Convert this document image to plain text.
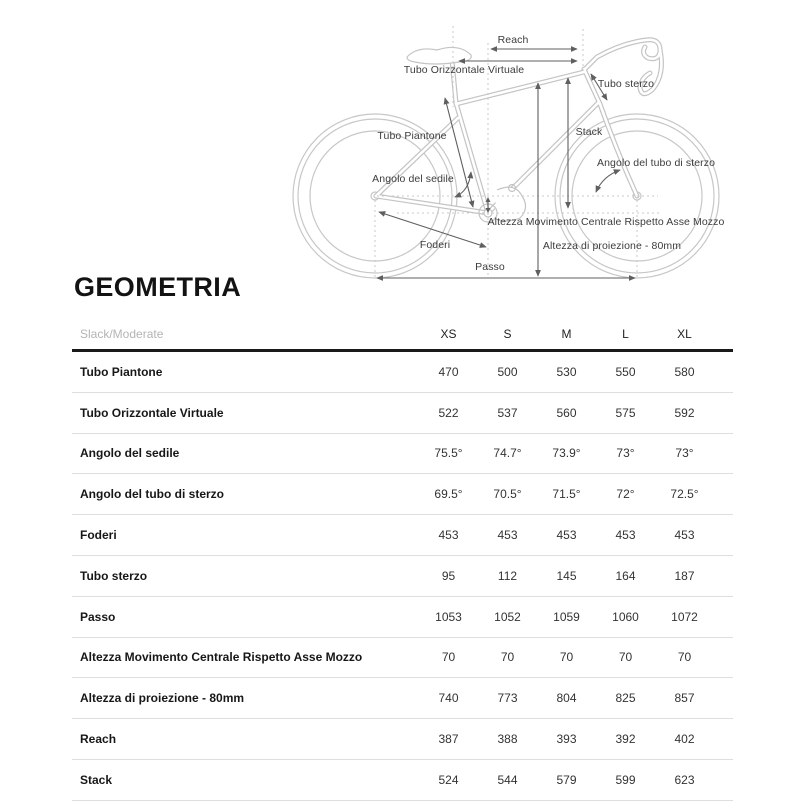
Reach
Tubo Orizzontale Virtuale
Tubo sterzo
Tubo Piantone	Stack
Angolo del sedile
Angolo del tubo di sterzo
Altezza Movimento Centrale Rispetto Asse Mozzo
Altezza di proiezione - 80mm
Foderi
Passo
GEOMETRIA
Slack/Moderate	XS	S	M	L	XL
Tubo Piantone	470	500	530	550	580
Tubo Orizzontale Virtuale	522	537	560	575	592
Angolo del sedile	75.5°	74.7°	73.9°	73°	73°
Angolo del tubo di sterzo	69.5°	70.5°	71.5°	72°	72.5°
Foderi	453	453	453	453	453
Tubo sterzo	95	112	145	164	187
Passo	1053	1052	1059	1060	1072
Altezza Movimento Centrale Rispetto Asse Mozzo	70	70	70	70	70
Altezza di proiezione - 80mm	740	773	804	825	857
Reach	387	388	393	392	402
Stack	524	544	579	599	623
